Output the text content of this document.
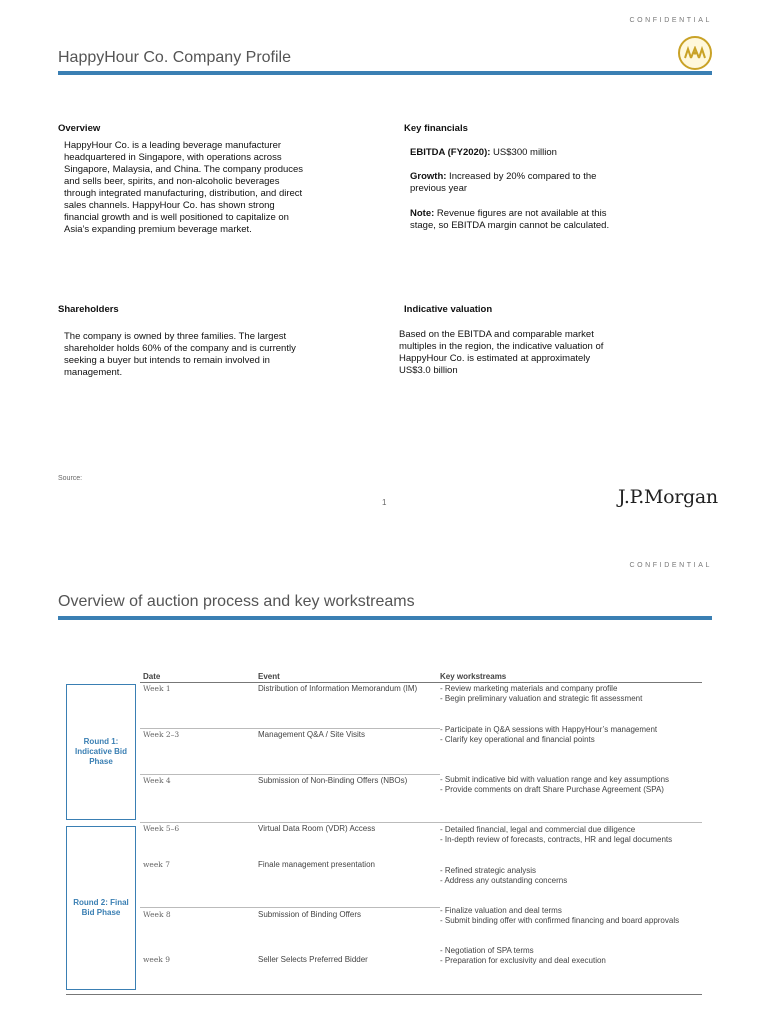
CONFIDENTIAL
HappyHour Co. Company Profile
Overview
HappyHour Co. is a leading beverage manufacturer headquartered in Singapore, with operations across Singapore, Malaysia, and China. The company produces and sells beer, spirits, and non-alcoholic beverages through integrated manufacturing, distribution, and direct sales channels. HappyHour Co. has shown strong financial growth and is well positioned to capitalize on Asia’s expanding premium beverage market.
Key financials
EBITDA (FY2020): US$300 million
Growth: Increased by 20% compared to the previous year
Note: Revenue figures are not available at this stage, so EBITDA margin cannot be calculated.
Shareholders
The company is owned by three families. The largest shareholder holds 60% of the company and is currently seeking a buyer but intends to remain involved in management.
Indicative valuation
Based on the EBITDA and comparable market multiples in the region, the indicative valuation of HappyHour Co. is estimated at approximately US$3.0 billion
Source:
1	J.P.Morgan
CONFIDENTIAL
Overview of auction process and key workstreams
Date	Event	Key workstreams
Round 1: Indicative Bid Phase
Round 2: Final Bid Phase
Week 1	Distribution of Information Memorandum (IM)	- Review marketing materials and company profile
- Begin preliminary valuation and strategic fit assessment
Week 2–3	Management Q&A / Site Visits
- Participate in Q&A sessions with HappyHour’s management
- Clarify key operational and financial points
Week 4	Submission of Non-Binding Offers (NBOs)	- Submit indicative bid with valuation range and key assumptions
- Provide comments on draft Share Purchase Agreement (SPA)
Week 5–6	Virtual Data Room (VDR) Access	- Detailed financial, legal and commercial due diligence
- In-depth review of forecasts, contracts, HR and legal documents
week 7	Finale management presentation
- Refined strategic analysis
- Address any outstanding concerns
Week 8	Submission of Binding Offers	- Finalize valuation and deal terms
- Submit binding offer with confirmed financing and board approvals
week 9	Seller Selects Preferred Bidder
- Negotiation of SPA terms
- Preparation for exclusivity and deal execution
